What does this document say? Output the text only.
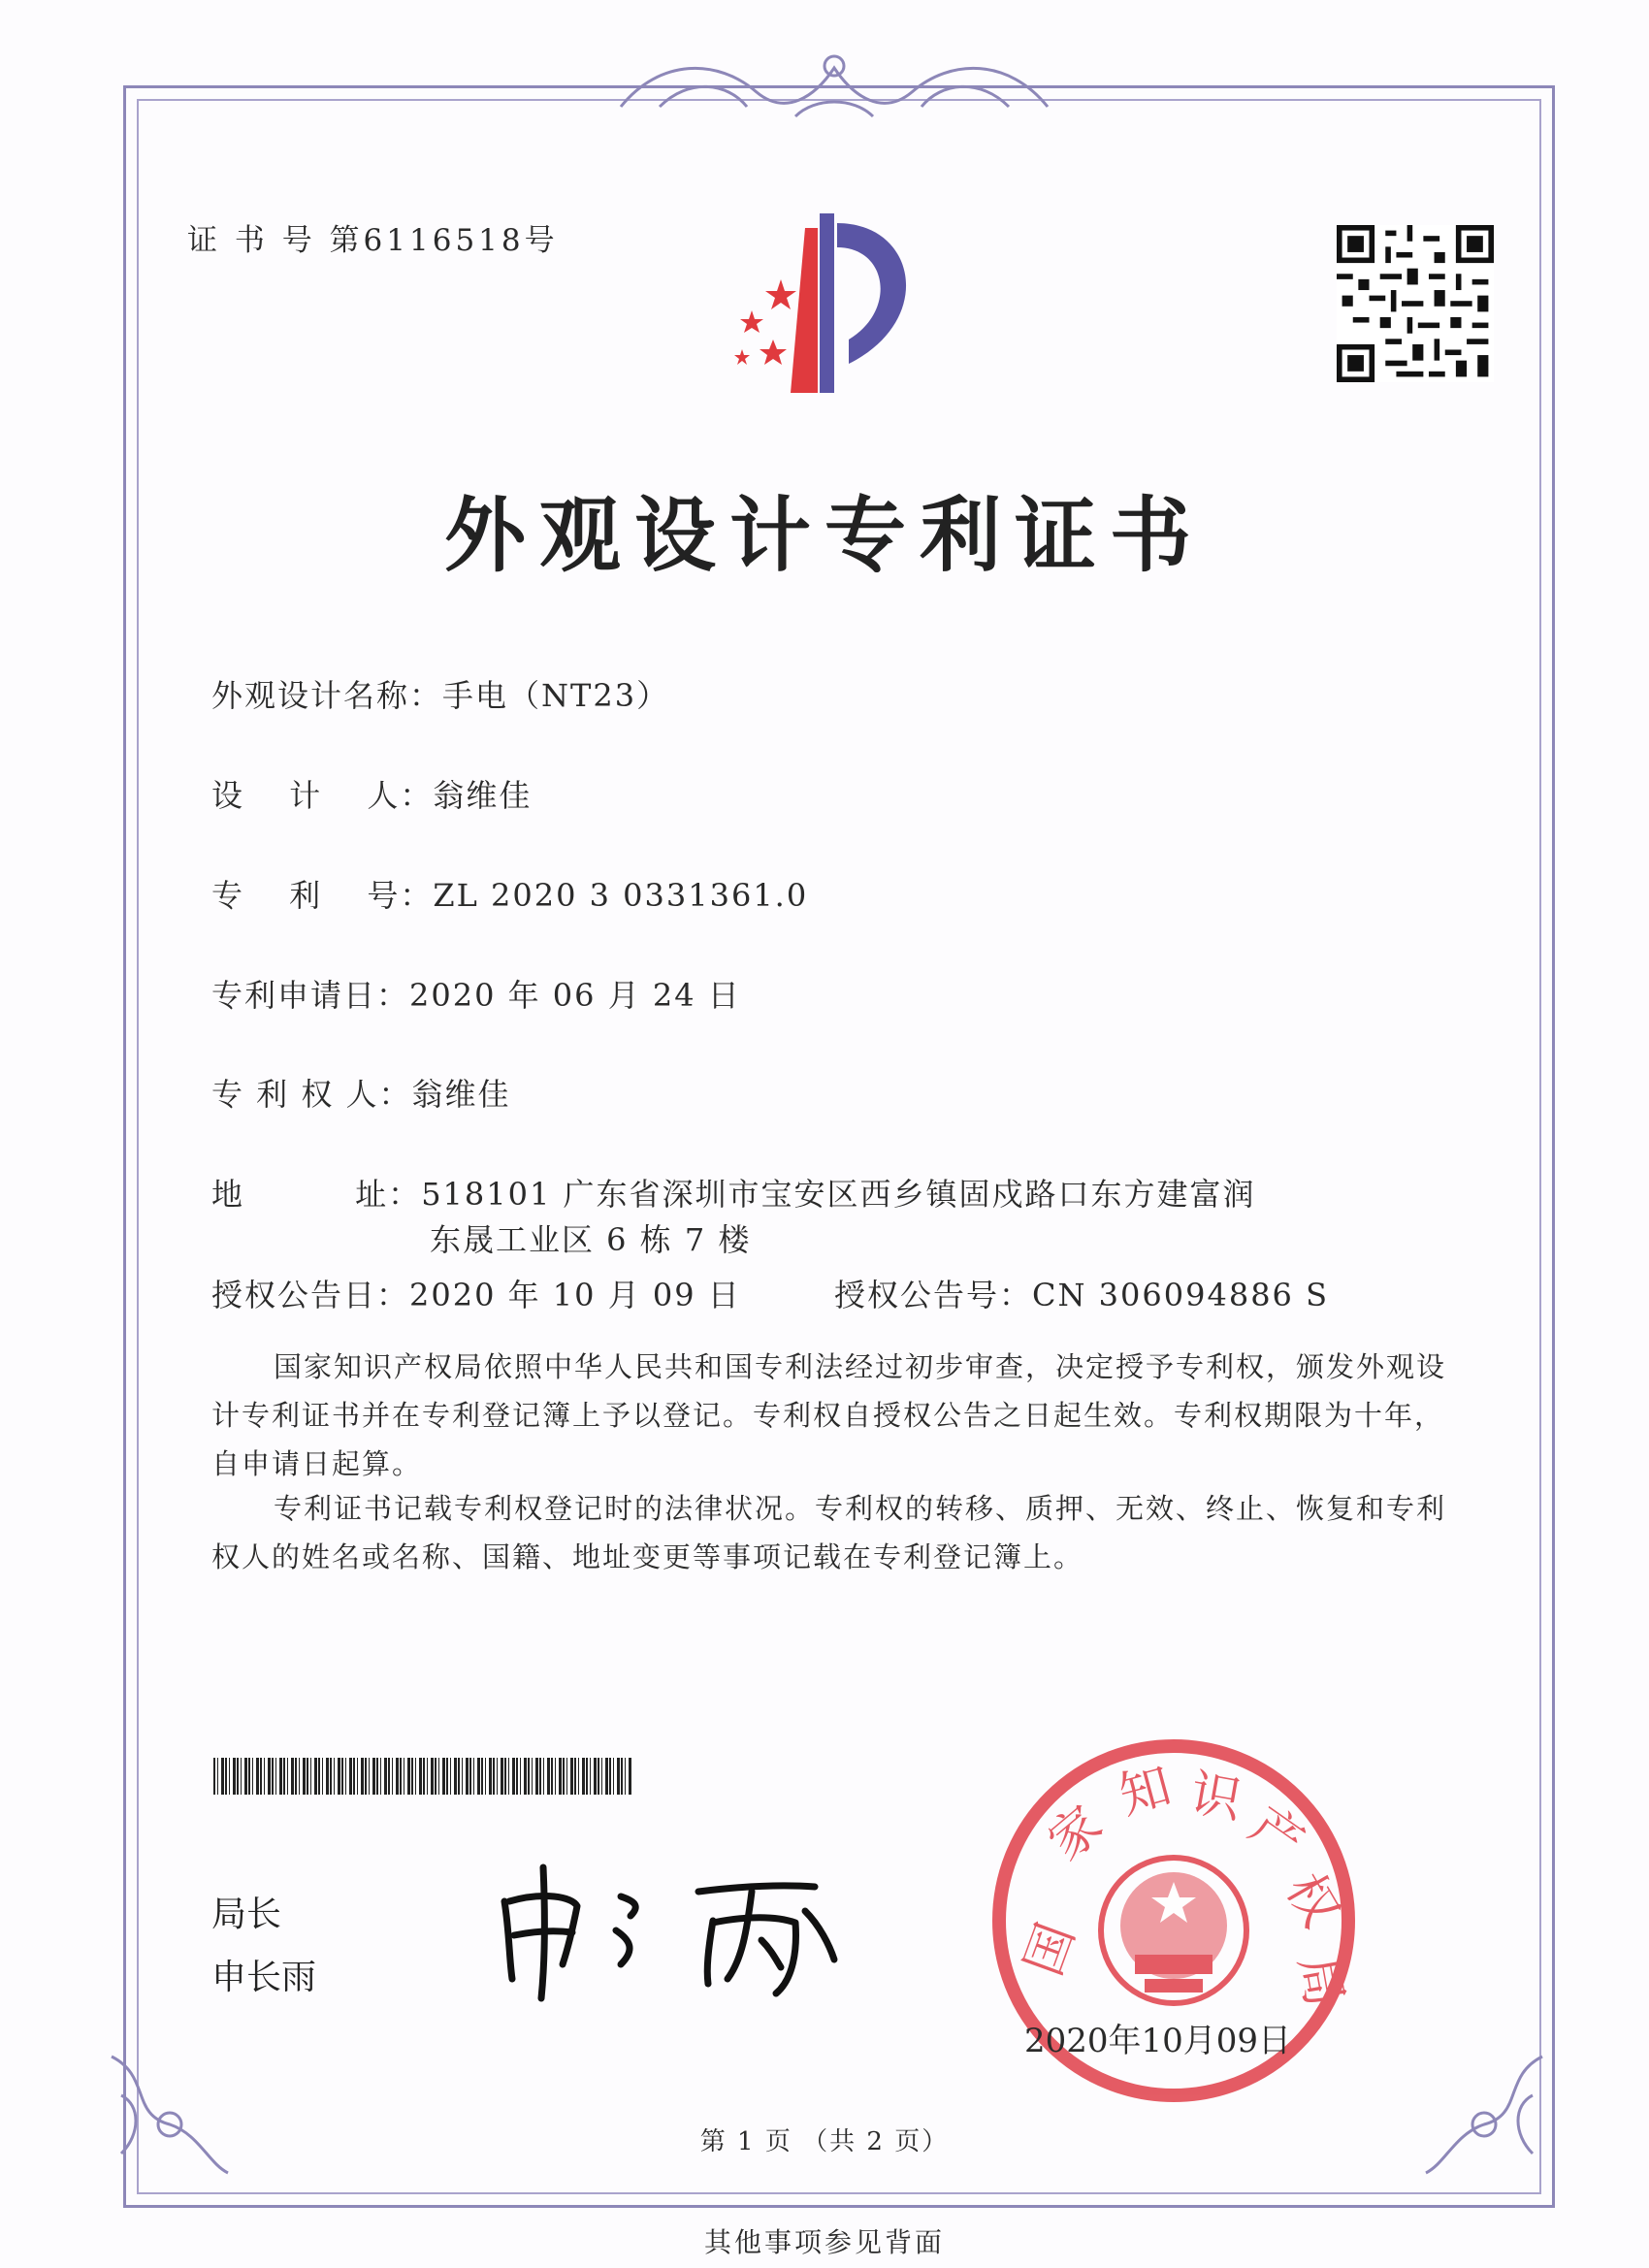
证 书 号 第6116518号
外观设计专利证书
外观设计名称：手电（NT23）
设　 计　 人：翁维佳
专　 利　 号：ZL 2020 3 0331361.0
专利申请日：2020 年 06 月 24 日
专 利 权 人：翁维佳
地　　　 址：518101 广东省深圳市宝安区西乡镇固戍路口东方建富润
东晟工业区 6 栋 7 楼
授权公告日：2020 年 10 月 09 日	授权公告号：CN 306094886 S
国家知识产权局依照中华人民共和国专利法经过初步审查，决定授予专利权，颁发外观设计专利证书并在专利登记簿上予以登记。专利权自授权公告之日起生效。专利权期限为十年，自申请日起算。
专利证书记载专利权登记时的法律状况。专利权的转移、质押、无效、终止、恢复和专利权人的姓名或名称、国籍、地址变更等事项记载在专利登记簿上。
局长
申长雨	国
家
知 识
产
权
局
2020年10月09日
第 1 页 （共 2 页）
其他事项参见背面
